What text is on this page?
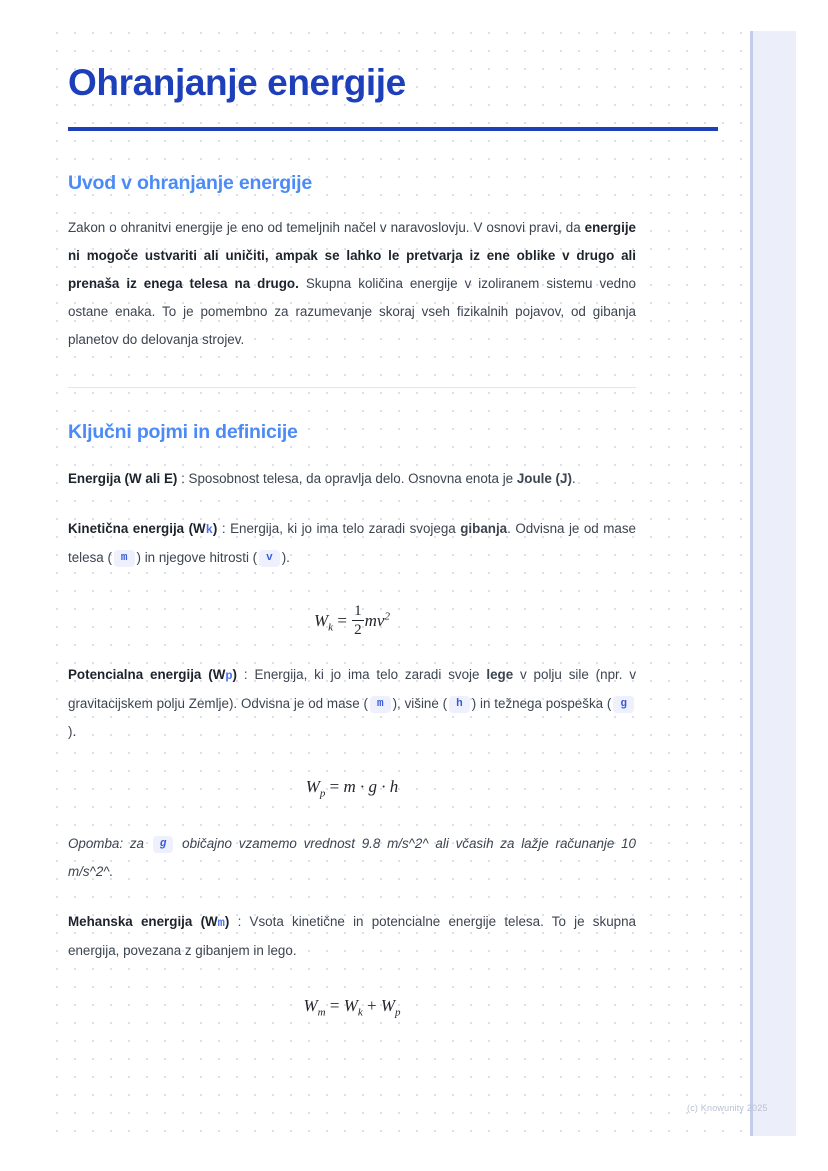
Ohranjanje energije
Uvod v ohranjanje energije

Zakon o ohranitvi energije je eno od temeljnih načel v naravoslovju. V osnovi pravi, da energije ni mogoče ustvariti ali uničiti, ampak se lahko le pretvarja iz ene oblike v drugo ali prenaša iz enega telesa na drugo. Skupna količina energije v izoliranem sistemu vedno ostane enaka. To je pomembno za razumevanje skoraj vseh fizikalnih pojavov, od gibanja planetov do delovanja strojev.

Ključni pojmi in definicije

Energija (W ali E) : Sposobnost telesa, da opravlja delo. Osnovna enota je Joule (J).

Kinetična energija (Wk) : Energija, ki jo ima telo zaradi svojega gibanja. Odvisna je od mase telesa ( m ) in njegove hitrosti ( v ).

$W_k = \frac{1}{2} mv^2$

Potencialna energija (Wp) : Energija, ki jo ima telo zaradi svoje lege v polju sile (npr. v gravitacijskem polju Zemlje). Odvisna je od mase ( m ), višine ( h ) in težnega pospeška ( g).

$W_p = m \cdot g \cdot h$

Opomba: za g običajno vzamemo vrednost 9.8 m/s^2^ ali včasih za lažje računanje 10 m/s^2^.

Mehanska energija (Wm) : Vsota kinetične in potencialne energije telesa. To je skupna energija, povezana z gibanjem in lego.

$W_m = W_k + W_p$
(c) Knowunity 2025
